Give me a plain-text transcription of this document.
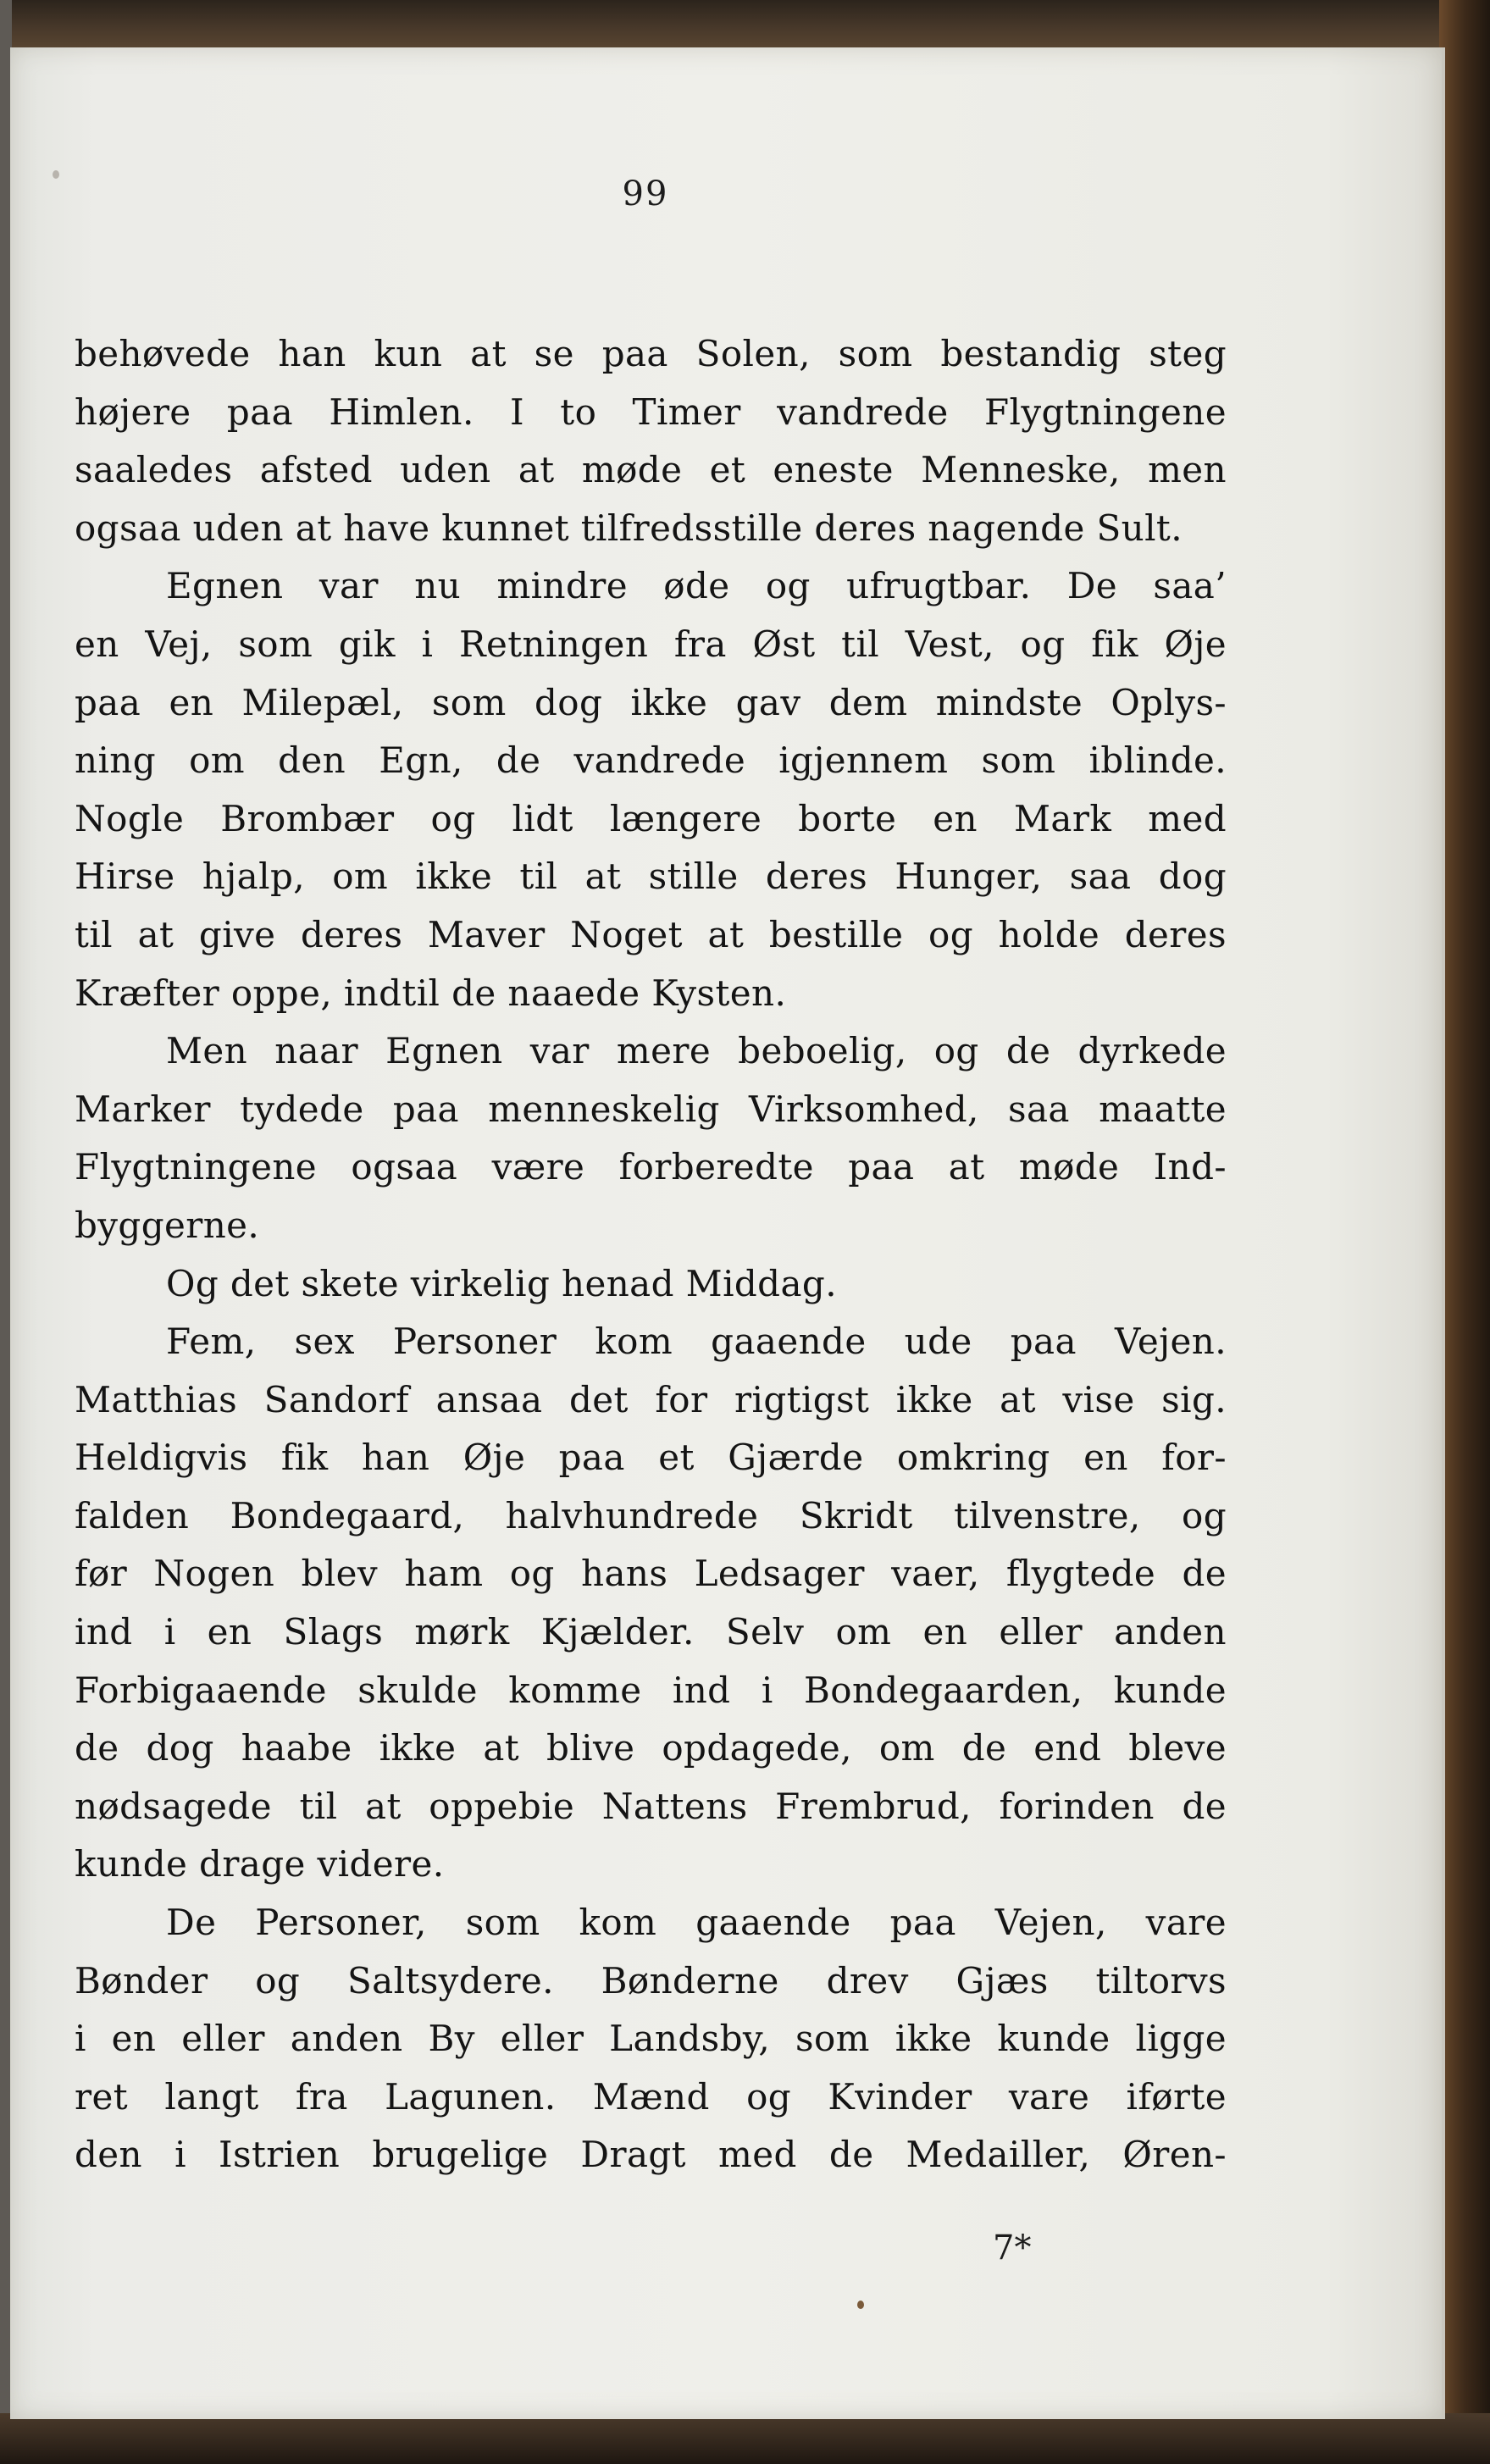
99
behøvede han kun at se paa Solen, som bestandig steg
højere paa Himlen. I to Timer vandrede Flygtningene
saaledes afsted uden at møde et eneste Menneske, men
ogsaa uden at have kunnet tilfredsstille deres nagende Sult.
Egnen var nu mindre øde og ufrugtbar. De saa’
en Vej, som gik i Retningen fra Øst til Vest, og fik Øje
paa en Milepæl, som dog ikke gav dem mindste Oplys-
ning om den Egn, de vandrede igjennem som iblinde.
Nogle Brombær og lidt længere borte en Mark med
Hirse hjalp, om ikke til at stille deres Hunger, saa dog
til at give deres Maver Noget at bestille og holde deres
Kræfter oppe, indtil de naaede Kysten.
Men naar Egnen var mere beboelig, og de dyrkede
Marker tydede paa menneskelig Virksomhed, saa maatte
Flygtningene ogsaa være forberedte paa at møde Ind-
byggerne.
Og det skete virkelig henad Middag.
Fem, sex Personer kom gaaende ude paa Vejen.
Matthias Sandorf ansaa det for rigtigst ikke at vise sig.
Heldigvis fik han Øje paa et Gjærde omkring en for-
falden Bondegaard, halvhundrede Skridt tilvenstre, og
før Nogen blev ham og hans Ledsager vaer, flygtede de
ind i en Slags mørk Kjælder. Selv om en eller anden
Forbigaaende skulde komme ind i Bondegaarden, kunde
de dog haabe ikke at blive opdagede, om de end bleve
nødsagede til at oppebie Nattens Frembrud, forinden de
kunde drage videre.
De Personer, som kom gaaende paa Vejen, vare
Bønder og Saltsydere. Bønderne drev Gjæs tiltorvs
i en eller anden By eller Landsby, som ikke kunde ligge
ret langt fra Lagunen. Mænd og Kvinder vare iførte
den i Istrien brugelige Dragt med de Medailler, Øren-
7*
